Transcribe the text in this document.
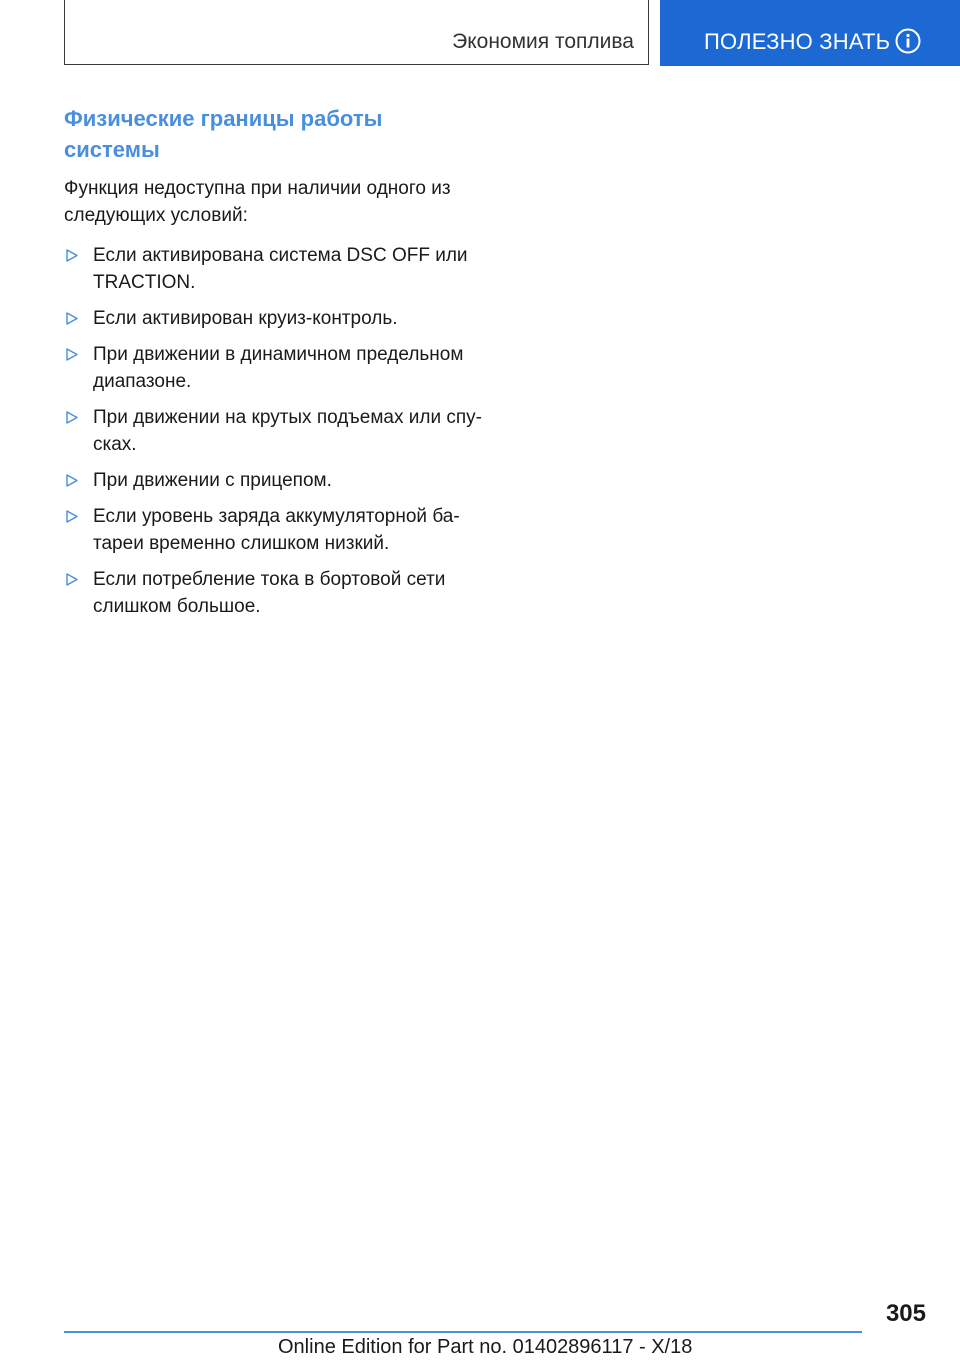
Экономия топлива	ПОЛЕЗНО ЗНАТЬ
Физические границы работы
системы

Функция недоступна при наличии одного из
следующих условий:

Если активирована система DSC OFF или
TRACTION.
Если активирован круиз-контроль.
При движении в динамичном предельном
диапазоне.
При движении на крутых подъемах или спу-
сках.
При движении с прицепом.
Если уровень заряда аккумуляторной ба-
тареи временно слишком низкий.
Если потребление тока в бортовой сети
слишком большое.
305
Online Edition for Part no. 01402896117 - X/18
